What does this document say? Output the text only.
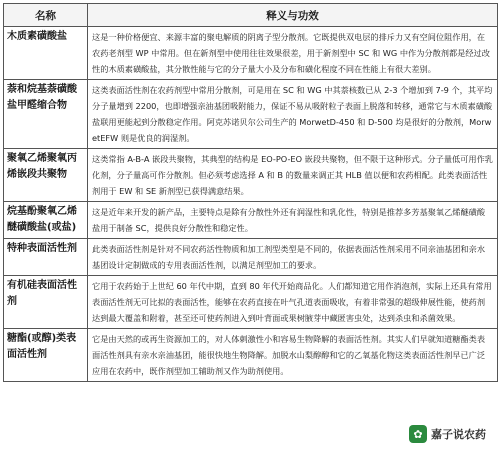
名称	释义与功效
木质素磺酸盐	这是一种价格便宜、来源丰富的聚电解质的阴离子型分散剂。它既提供双电层的排斥力又有空间位阻作用，在农药老剂型 WP 中常用。但在新剂型中使用往往效果很差，用于新剂型中 SC 和 WG 中作为分散剂都是经过改性的木质素磺酸盐，其分散性能与它的分子量大小及分布和磺化程度不同在性能上有很大差别。
萘和烷基萘磺酸盐甲醛缩合物	这类表面活性剂在农药剂型中常用分散剂，可是用在 SC 和 WG 中其萘核数已从 2-3 个增加到 7-9 个，其平均分子量增到 2200，也即增强亲油基团吸附能力，保证不易从吸附粒子表面上脱落和转移，通常它与木质素磺酸盐联用更能起到分散稳定作用。阿克苏诺贝尔公司生产的 MorwetD-450 和 D-500 均是很好的分散剂，MorwetEFW 则是优良的润湿剂。
聚氧乙烯聚氧丙烯嵌段共聚物	这类常指 A-B-A 嵌段共聚物，其典型的结构是 EO-PO-EO 嵌段共聚物，但不限于这种形式。分子量低可用作乳化剂，分子量高可作分散剂。但必须考虑选择 A 和 B 的数量来调正其 HLB 值以便和农药相配。此类表面活性剂用于 EW 和 SE 新剂型已获得满意结果。
烷基酚聚氧乙烯醚磺酸盐(或盐)	这是近年来开发的新产品，主要特点是除有分散性外还有润湿性和乳化性，特别是推荐多芳基聚氧乙烯醚磺酸盐用于制备 SC，提供良好分散性和稳定性。
特种表面活性剂	此类表面活性剂是针对不同农药活性物质和加工剂型类型是不同的，依据表面活性剂采用不同亲油基团和亲水基团设计定制做成的专用表面活性剂，以满足剂型加工的要求。
有机硅表面活性剂	它用于农药始于上世纪 60 年代中期，直到 80 年代开始商品化。人们都知道它用作消泡剂，实际上还具有常用表面活性剂无可比拟的表面活性，能够在农药直接在叶气孔道表面吸收，有着非常强的超级伸展性能，使药剂达到最大覆盖和附着，甚至还可使药剂进入到叶背面或果树腋芽中藏匿害虫处，达到杀虫和杀菌效果。
糖酯(或醇)类表面活性剂	它是由天然的或再生资源加工的，对人体刺激性小和容易生物降解的表面活性剂。其实人们早就知道糖酯类表面活性剂具有亲水亲油基团，能很快地生物降解。加脱水山梨醇醇和它的乙氧基化物这类表面活性剂早已广泛应用在农药中，既作剂型加工辅助剂又作为助剂使用。
✿ 嘉子说农药
